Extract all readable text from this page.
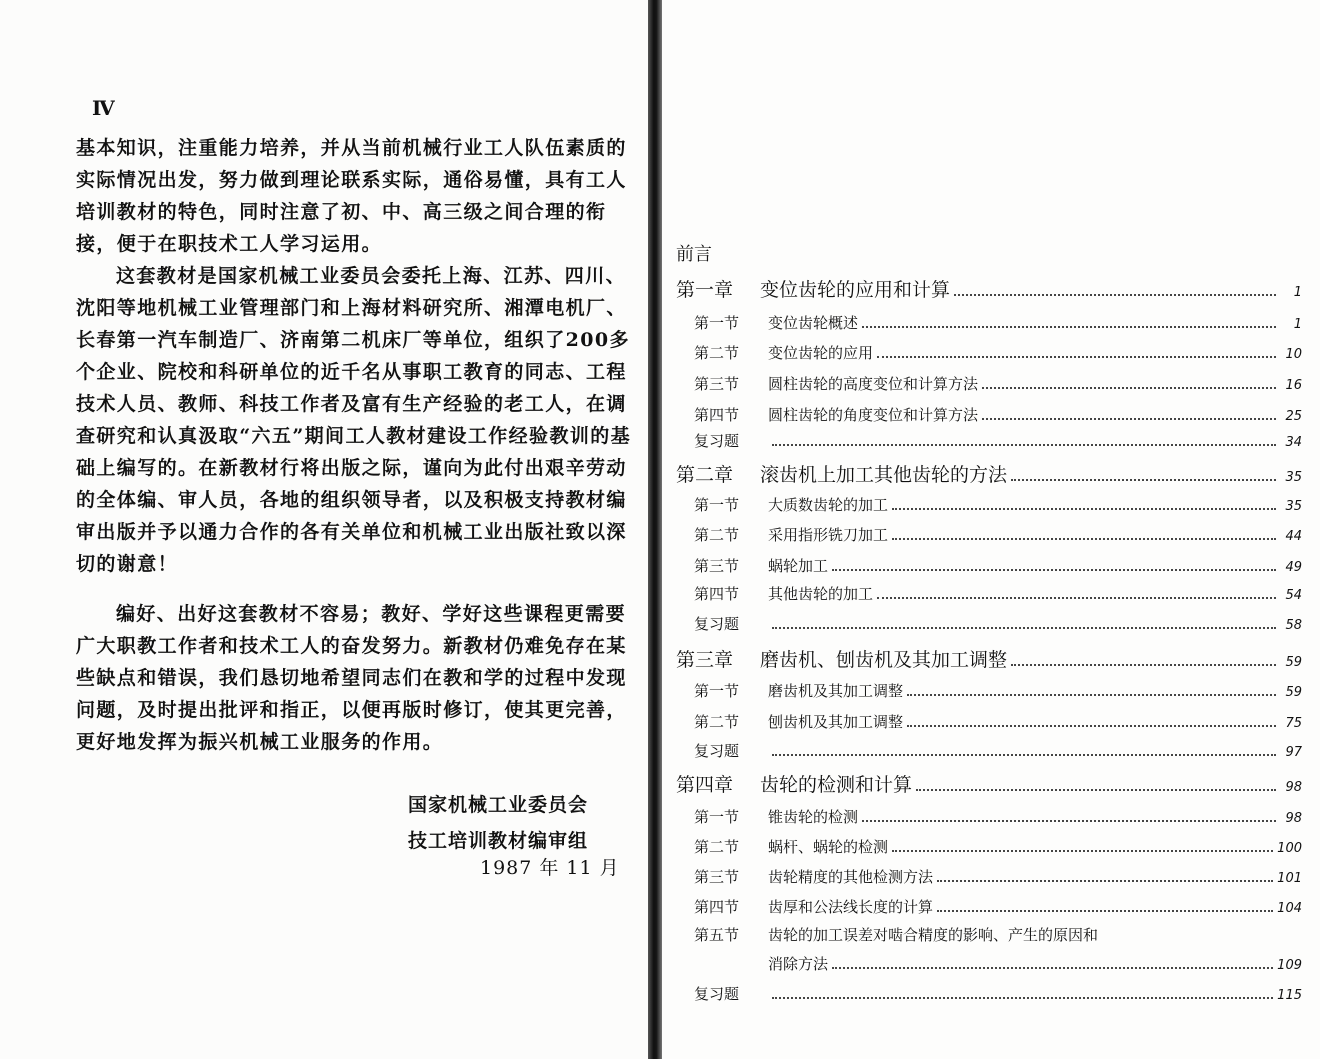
Ⅳ

基本知识，注重能力培养，并从当前机械行业工人队伍素质的实际情况出发，努力做到理论联系实际，通俗易懂，具有工人培训教材的特色，同时注意了初、中、高三级之间合理的衔接，便于在职技术工人学习运用。

这套教材是国家机械工业委员会委托上海、江苏、四川、沈阳等地机械工业管理部门和上海材料研究所、湘潭电机厂、长春第一汽车制造厂、济南第二机床厂等单位，组织了200多个企业、院校和科研单位的近千名从事职工教育的同志、工程技术人员、教师、科技工作者及富有生产经验的老工人，在调查研究和认真汲取“六五”期间工人教材建设工作经验教训的基础上编写的。在新教材行将出版之际，谨向为此付出艰辛劳动的全体编、审人员，各地的组织领导者，以及积极支持教材编审出版并予以通力合作的各有关单位和机械工业出版社致以深切的谢意！

编好、出好这套教材不容易；教好、学好这些课程更需要广大职教工作者和技术工人的奋发努力。新教材仍难免存在某些缺点和错误，我们恳切地希望同志们在教和学的过程中发现问题，及时提出批评和指正，以便再版时修订，使其更完善，更好地发挥为振兴机械工业服务的作用。

国家机械工业委员会
技工培训教材编审组
1987 年 11 月
前言
第一章	变位齿轮的应用和计算	1
第一节	变位齿轮概述	1
第二节	变位齿轮的应用	10
第三节	圆柱齿轮的高度变位和计算方法	16
第四节	圆柱齿轮的角度变位和计算方法	25
复习题	34
第二章	滚齿机上加工其他齿轮的方法	35
第一节	大质数齿轮的加工	35
第二节	采用指形铣刀加工	44
第三节	蜗轮加工	49
第四节	其他齿轮的加工	54
复习题	58
第三章	磨齿机、刨齿机及其加工调整	59
第一节	磨齿机及其加工调整	59
第二节	刨齿机及其加工调整	75
复习题	97
第四章	齿轮的检测和计算	98
第一节	锥齿轮的检测	98
第二节	蜗杆、蜗轮的检测	100
第三节	齿轮精度的其他检测方法	101
第四节	齿厚和公法线长度的计算	104
第五节	齿轮的加工误差对啮合精度的影响、产生的原因和
消除方法	109
复习题	115
